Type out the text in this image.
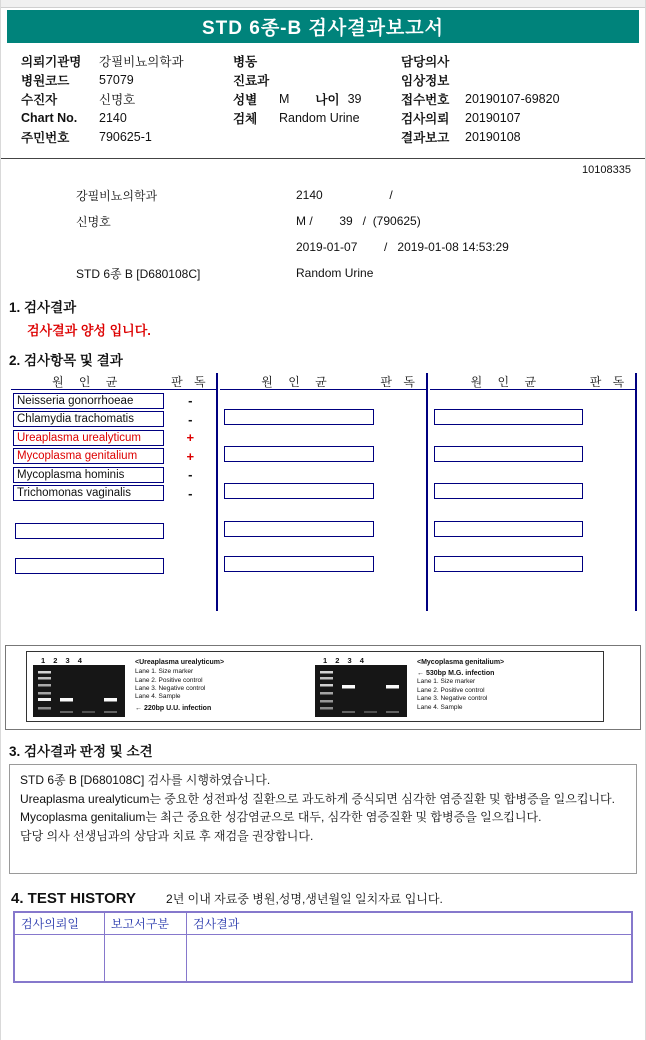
STD 6종-B 검사결과보고서
의뢰기관명	강필비뇨의학과
병원코드	57079
수진자	신명호
Chart No.	2140
주민번호	790625-1
병동
진료과
성별	M 나이 39
검체	Random Urine
담당의사
임상정보
접수번호	20190107-69820
검사의뢰	20190107
결과보고	20190108
10108335
강필비뇨의학과	2140                    /
신명호	M /        39   /  (790625)
2019-01-07        /   2019-01-08 14:53:29
STD 6종 B [D680108C]	Random Urine
1. 검사결과
검사결과 양성 입니다.
2. 검사항목 및 결과
원 인 균	판 독
Neisseria gonorrhoeae	-
Chlamydia trachomatis	-
Ureaplasma urealyticum	+
Mycoplasma genitalium	+
Mycoplasma hominis	-
Trichomonas vaginalis	-
원 인 균	판 독	원 인 균	판 독
1 2 3 4	<Ureaplasma urealyticum>
Lane 1. Size marker
Lane 2. Positive control
Lane 3. Negative control
Lane 4. Sample
← 220bp U.U. infection
1 2 3 4	<Mycoplasma genitalium>
← 530bp M.G. infection
Lane 1. Size marker
Lane 2. Positive control
Lane 3. Negative control
Lane 4. Sample
3. 검사결과 판정 및 소견
STD 6종 B [D680108C] 검사를 시행하였습니다.
Ureaplasma urealyticum는 중요한 성전파성 질환으로 과도하게 증식되면 심각한 염증질환 및 합병증을 일으킵니다.
Mycoplasma genitalium는 최근 중요한 성감염균으로 대두, 심각한 염증질환 및 합병증을 일으킵니다.
담당 의사 선생님과의 상담과 치료 후 재검을 권장합니다.
4. TEST HISTORY	2년 이내 자료중 병원,성명,생년월일 일치자료 입니다.
검사의뢰일	보고서구분	검사결과
